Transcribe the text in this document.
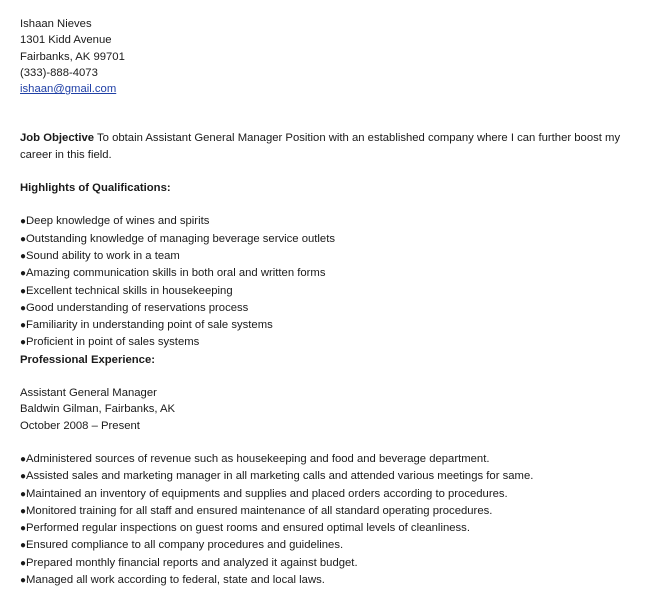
Ishaan Nieves
1301 Kidd Avenue
Fairbanks, AK 99701
(333)-888-4073
ishaan@gmail.com
Job Objective To obtain Assistant General Manager Position with an established company where I can further boost my career in this field.
Highlights of Qualifications:
●Deep knowledge of wines and spirits
●Outstanding knowledge of managing beverage service outlets
●Sound ability to work in a team
●Amazing communication skills in both oral and written forms
●Excellent technical skills in housekeeping
●Good understanding of reservations process
●Familiarity in understanding point of sale systems
●Proficient in point of sales systems
Professional Experience:
Assistant General Manager
Baldwin Gilman, Fairbanks, AK
October 2008 – Present
●Administered sources of revenue such as housekeeping and food and beverage department.
●Assisted sales and marketing manager in all marketing calls and attended various meetings for same.
●Maintained an inventory of equipments and supplies and placed orders according to procedures.
●Monitored training for all staff and ensured maintenance of all standard operating procedures.
●Performed regular inspections on guest rooms and ensured optimal levels of cleanliness.
●Ensured compliance to all company procedures and guidelines.
●Prepared monthly financial reports and analyzed it against budget.
●Managed all work according to federal, state and local laws.
